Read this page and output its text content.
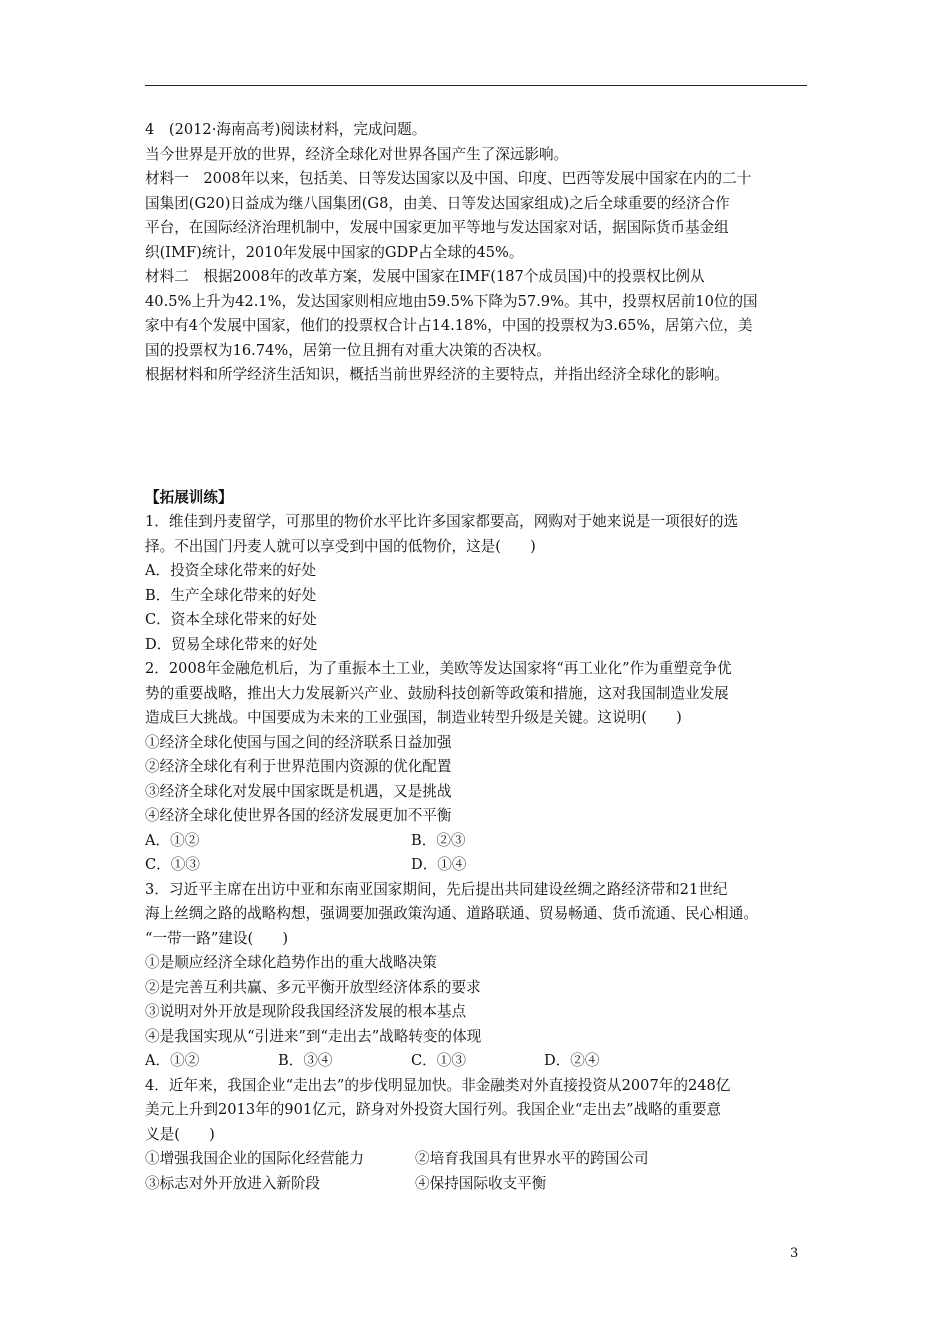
4　(2012·海南高考)阅读材料，完成问题。

当今世界是开放的世界，经济全球化对世界各国产生了深远影响。

材料一　2008年以来，包括美、日等发达国家以及中国、印度、巴西等发展中国家在内的二十

国集团(G20)日益成为继八国集团(G8，由美、日等发达国家组成)之后全球重要的经济合作

平台，在国际经济治理机制中，发展中国家更加平等地与发达国家对话，据国际货币基金组

织(IMF)统计，2010年发展中国家的GDP占全球的45%。

材料二　根据2008年的改革方案，发展中国家在IMF(187个成员国)中的投票权比例从

40.5%上升为42.1%，发达国家则相应地由59.5%下降为57.9%。其中，投票权居前10位的国

家中有4个发展中国家，他们的投票权合计占14.18%，中国的投票权为3.65%，居第六位，美

国的投票权为16.74%，居第一位且拥有对重大决策的否决权。

根据材料和所学经济生活知识，概括当前世界经济的主要特点，并指出经济全球化的影响。

【拓展训练】

1．维佳到丹麦留学，可那里的物价水平比许多国家都要高，网购对于她来说是一项很好的选

择。不出国门丹麦人就可以享受到中国的低物价，这是(　　)

A．投资全球化带来的好处

B．生产全球化带来的好处

C．资本全球化带来的好处

D．贸易全球化带来的好处

2．2008年金融危机后，为了重振本土工业，美欧等发达国家将“再工业化”作为重塑竞争优

势的重要战略，推出大力发展新兴产业、鼓励科技创新等政策和措施，这对我国制造业发展

造成巨大挑战。中国要成为未来的工业强国，制造业转型升级是关键。这说明(　　)

①经济全球化使国与国之间的经济联系日益加强

②经济全球化有利于世界范围内资源的优化配置

③经济全球化对发展中国家既是机遇，又是挑战

④经济全球化使世界各国的经济发展更加不平衡

A．①②	B．②③

C．①③	D．①④

3．习近平主席在出访中亚和东南亚国家期间，先后提出共同建设丝绸之路经济带和21世纪

海上丝绸之路的战略构想，强调要加强政策沟通、道路联通、贸易畅通、货币流通、民心相通。

“一带一路”建设(　　)

①是顺应经济全球化趋势作出的重大战略决策

②是完善互利共赢、多元平衡开放型经济体系的要求

③说明对外开放是现阶段我国经济发展的根本基点

④是我国实现从“引进来”到“走出去”战略转变的体现

A．①②	B．③④	C．①③	D．②④

4．近年来，我国企业“走出去”的步伐明显加快。非金融类对外直接投资从2007年的248亿

美元上升到2013年的901亿元，跻身对外投资大国行列。我国企业“走出去”战略的重要意

义是(　　)

①增强我国企业的国际化经营能力	②培育我国具有世界水平的跨国公司

③标志对外开放进入新阶段	④保持国际收支平衡

3
